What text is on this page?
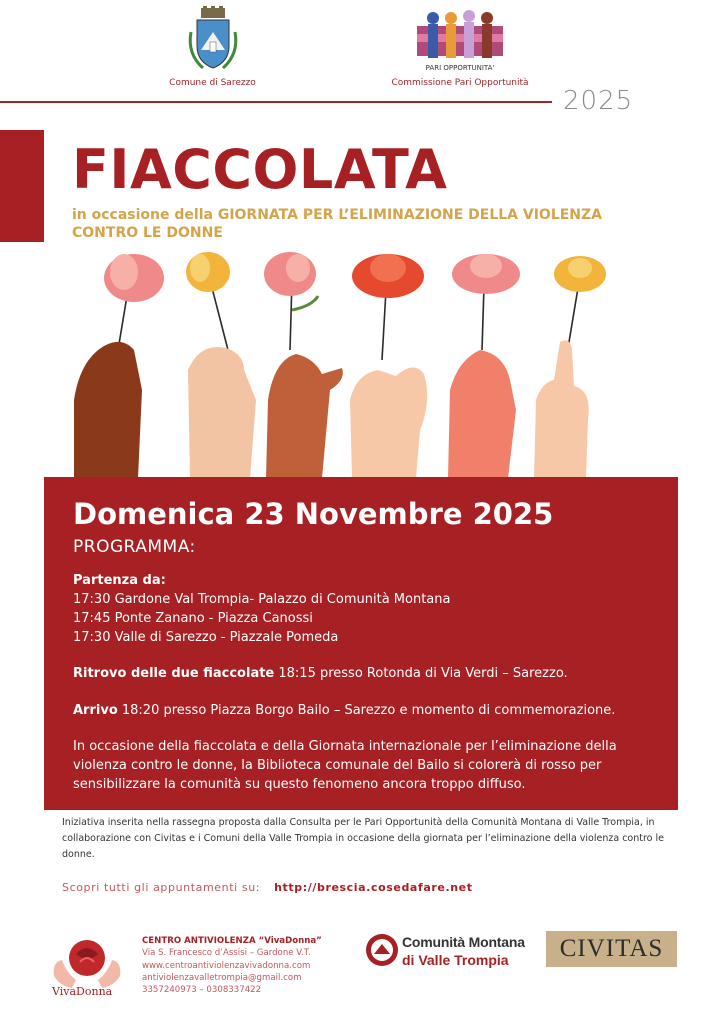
Comune di Sarezzo
PARI OPPORTUNITA'
Commissione Pari Opportunità
2025
FIACCOLATA
in occasione della GIORNATA PER L’ELIMINAZIONE DELLA VIOLENZA CONTRO LE DONNE
Domenica 23 Novembre 2025
PROGRAMMA:
Partenza da:
17:30 Gardone Val Trompia- Palazzo di Comunità Montana
17:45 Ponte Zanano - Piazza Canossi
17:30 Valle di Sarezzo - Piazzale Pomeda
Ritrovo delle due fiaccolate 18:15 presso Rotonda di Via Verdi – Sarezzo.
Arrivo 18:20 presso Piazza Borgo Bailo – Sarezzo e momento di commemorazione.
In occasione della fiaccolata e della Giornata internazionale per l’eliminazione della violenza contro le donne, la Biblioteca comunale del Bailo si colorerà di rosso per sensibilizzare la comunità su questo fenomeno ancora troppo diffuso.
Iniziativa inserita nella rassegna proposta dalla Consulta per le Pari Opportunità della Comunità Montana di Valle Trompia, in collaborazione con Civitas e i Comuni della Valle Trompia in occasione della giornata per l’eliminazione della violenza contro le donne.
Scopri tutti gli appuntamenti su: http://brescia.cosedafare.net
VivaDonna
CENTRO ANTIVIOLENZA “VivaDonna”
Via S. Francesco d’Assisi – Gardone V.T.
www.centroantiviolenzavivadonna.com
antiviolenzavalletrompia@gmail.com
3357240973 – 0308337422
Comunità Montana
di Valle Trompia	CIVITAS
